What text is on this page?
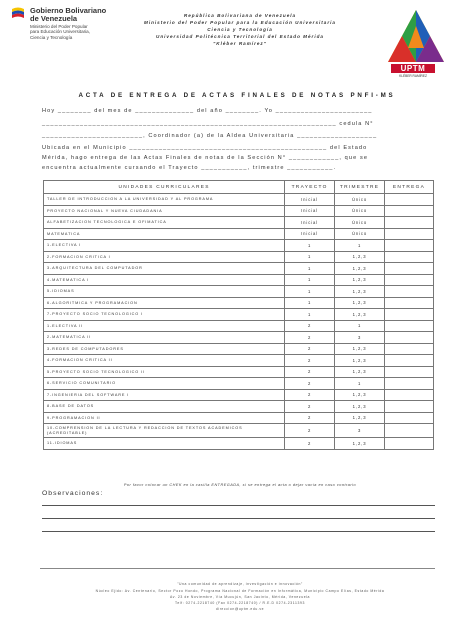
Gobierno Bolivariano
de Venezuela
Ministerio del Poder Popular
para Educación Universitaria,
Ciencia y Tecnología
República Bolivariana de Venezuela
Ministerio del Poder Popular para la Educación Universitaria
Ciencia y Tecnología
Universidad Politécnica Territorial del Estado Mérida
"Kléber Ramírez"
UPTM
KLÉBER RAMÍREZ
ACTA DE ENTREGA DE ACTAS FINALES DE NOTAS PNFI-MS
Hoy ________ del mes de ______________ del año ________. Yo _______________________
______________________________________________________________________ cedula N°
________________________, Coordinador (a) de la Aldea Universitaria ___________________
Ubicada en el Municipio _______________________________________________ del Estado
UNIDADES CURRICULARES	TRAYECTO	TRIMESTRE	ENTREGA
TALLER DE INTRODUCCION A LA UNIVERSIDAD Y AL PROGRAMA	Inicial	Único	
PROYECTO NACIONAL Y NUEVA CIUDADANIA	Inicial	Único	
ALFABETIZACION TECNOLOGICA E OFIMATICA	Inicial	Único	
MATEMATICA	Inicial	Único	
1-ELECTIVA I	1	1	
2-FORMACION CRITICA I	1	1,2,3	
3-ARQUITECTURA DEL COMPUTADOR	1	1,2,3	
4-MATEMATICA I	1	1,2,3	
5-IDIOMAS	1	1,2,3	
6-ALGORITMICA Y PROGRAMACION	1	1,2,3	
7-PROYECTO SOCIO TECNOLOGICO I	1	1,2,3	
1-ELECTIVA II	2	1	
2-MATEMATICA II	2	3	
3-REDES DE COMPUTADORES	2	1,2,3	
4-FORMACION CRITICA II	2	1,2,3	
5-PROYECTO SOCIO TECNOLOGICO II	2	1,2,3	
6-SERVICIO COMUNITARIO	2	1	
7-INGENIERIA DEL SOFTWARE I	2	1,2,3	
8-BASE DE DATOS	2	1,2,3	
9-PROGRAMACION II	2	1,2,3	
10-COMPRENSION DE LA LECTURA Y REDACCION DE TEXTOS ACADEMICOS (ACREDITABLE)	2	3	
11-IDIOMAS	2	1,2,3	
Por favor colocar un CHEK en la casilla ENTREGADA, si se entrega el acta o dejar vacía en caso contrario
Observaciones:
"Una comunidad de aprendizaje, investigación e innovación"
Núcleo Ejido: Av. Centenario, Sector Pozo Hondo, Programa Nacional de Formación en Informática, Municipio Campo Elías, Estado Mérida
Av. 23 de Noviembre, Vía Mucujún, San Jacinto, Mérida, Venezuela
Telf: 0274-2218740 (Fax 0274-2218740) / R.E.D 0274-2311393
direccion@uptm.edu.ve
Mérida, hago entrega de las Actas Finales de notas de la Sección N° ____________, que se
encuentra actualmente cursando el Trayecto ___________, trimestre ___________.
